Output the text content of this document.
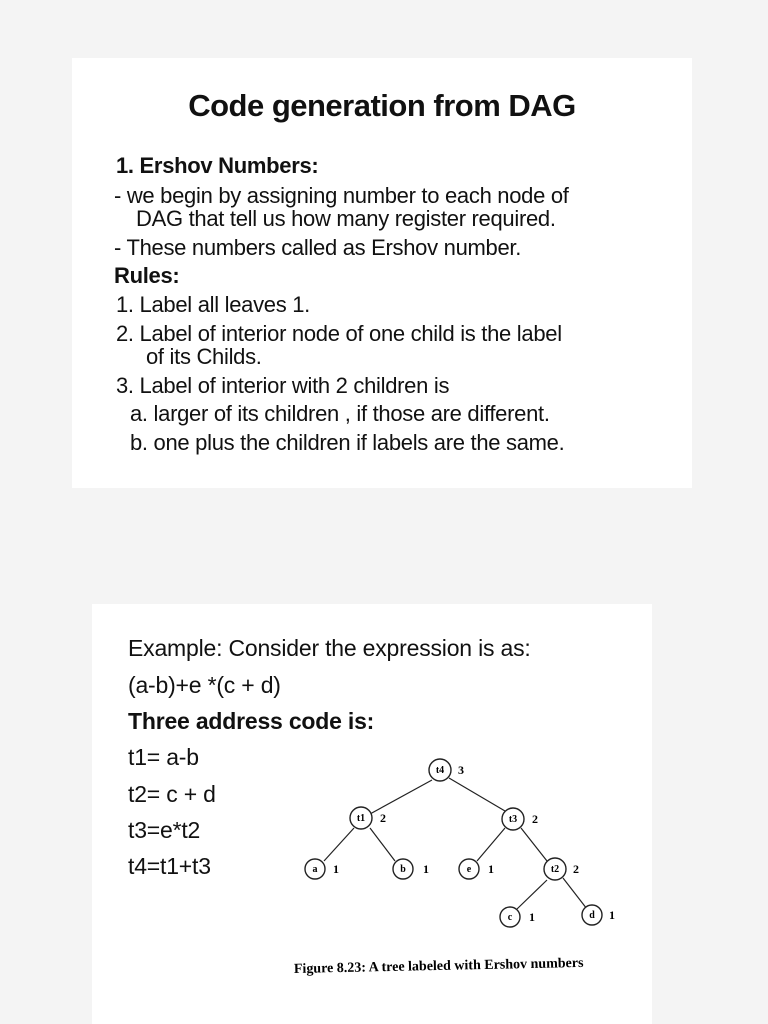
Code generation from DAG
1. Ershov Numbers:
- we begin by assigning number to each node of
DAG that tell us how many register required.
- These numbers called as Ershov number.
Rules:
1. Label all leaves 1.
2. Label of interior node of one child is the label
of its Childs.
3. Label of interior with 2 children is
a. larger of its children , if those are different.
b. one plus the children if labels are the same.
Example: Consider the expression is as:
(a-b)+e *(c + d)
Three address code is:
t1= a-b
t2= c + d
t3=e*t2
t4=t1+t3
t4 3
t1 2	t3 2
a 1	b 1	e 1	t2 2
c 1	d 1
Figure 8.23: A tree labeled with Ershov numbers
